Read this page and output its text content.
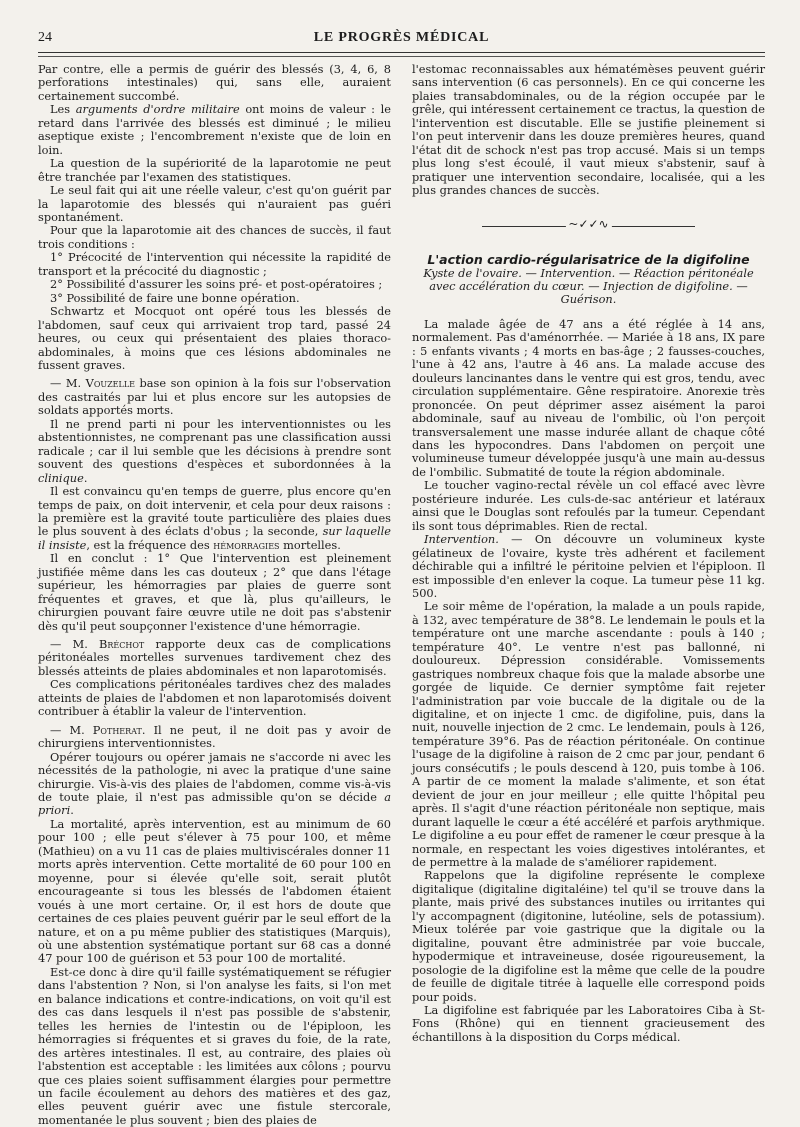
24	LE PROGRÈS MÉDICAL

Par contre, elle a permis de guérir des blessés (3, 4, 6, 8 perforations intestinales) qui, sans elle, auraient certainement succombé.

Les arguments d'ordre militaire ont moins de valeur : le retard dans l'arrivée des blessés est diminué ; le milieu aseptique existe ; l'encombrement n'existe que de loin en loin.

La question de la supériorité de la laparotomie ne peut être tranchée par l'examen des statistiques.

Le seul fait qui ait une réelle valeur, c'est qu'on guérit par la laparotomie des blessés qui n'auraient pas guéri spontanément.

Pour que la laparotomie ait des chances de succès, il faut trois conditions :

1° Précocité de l'intervention qui nécessite la rapidité de transport et la précocité du diagnostic ;

2° Possibilité d'assurer les soins pré- et post-opératoires ;

3° Possibilité de faire une bonne opération.

Schwartz et Mocquot ont opéré tous les blessés de l'abdomen, sauf ceux qui arrivaient trop tard, passé 24 heures, ou ceux qui présentaient des plaies thoraco-abdominales, à moins que ces lésions abdominales ne fussent graves.

— M. Vouzelle base son opinion à la fois sur l'observation des castraités par lui et plus encore sur les autopsies de soldats apportés morts.

Il ne prend parti ni pour les interventionnistes ou les abstentionnistes, ne comprenant pas une classification aussi radicale ; car il lui semble que les décisions à prendre sont souvent des questions d'espèces et subordonnées à la clinique.

Il est convaincu qu'en temps de guerre, plus encore qu'en temps de paix, on doit intervenir, et cela pour deux raisons : la première est la gravité toute particulière des plaies dues le plus souvent à des éclats d'obus ; la seconde, sur laquelle il insiste, est la fréquence des hémorragies mortelles.

Il en conclut : 1° Que l'intervention est pleinement justifiée même dans les cas douteux ; 2° que dans l'étage supérieur, les hémorragies par plaies de guerre sont fréquentes et graves, et que là, plus qu'ailleurs, le chirurgien pouvant faire œuvre utile ne doit pas s'abstenir dès qu'il peut soupçonner l'existence d'une hémorragie.

— M. Bréchot rapporte deux cas de complications péritonéales mortelles survenues tardivement chez des blessés atteints de plaies abdominales et non laparotomisés.

Ces complications péritonéales tardives chez des malades atteints de plaies de l'abdomen et non laparotomisés doivent contribuer à établir la valeur de l'intervention.

— M. Potherat. Il ne peut, il ne doit pas y avoir de chirurgiens interventionnistes.

Opérer toujours ou opérer jamais ne s'accorde ni avec les nécessités de la pathologie, ni avec la pratique d'une saine chirurgie. Vis-à-vis des plaies de l'abdomen, comme vis-à-vis de toute plaie, il n'est pas admissible qu'on se décide a priori.

La mortalité, après intervention, est au minimum de 60 pour 100 ; elle peut s'élever à 75 pour 100, et même (Mathieu) on a vu 11 cas de plaies multiviscérales donner 11 morts après intervention. Cette mortalité de 60 pour 100 en moyenne, pour si élevée qu'elle soit, serait plutôt encourageante si tous les blessés de l'abdomen étaient voués à une mort certaine. Or, il est hors de doute que certaines de ces plaies peuvent guérir par le seul effort de la nature, et on a pu même publier des statistiques (Marquis), où une abstention systématique portant sur 68 cas a donné 47 pour 100 de guérison et 53 pour 100 de mortalité.

Est-ce donc à dire qu'il faille systématiquement se réfugier dans l'abstention ? Non, si l'on analyse les faits, si l'on met en balance indications et contre-indications, on voit qu'il est des cas dans lesquels il n'est pas possible de s'abstenir, telles les hernies de l'intestin ou de l'épiploon, les hémorragies si fréquentes et si graves du foie, de la rate, des artères intestinales. Il est, au contraire, des plaies où l'abstention est acceptable : les limitées aux côlons ; pourvu que ces plaies soient suffisamment élargies pour permettre un facile écoulement au dehors des matières et des gaz, elles peuvent guérir avec une fistule stercorale, momentanée le plus souvent ; bien des plaies de

l'estomac reconnaissables aux hématémèses peuvent guérir sans intervention (6 cas personnels). En ce qui concerne les plaies transabdominales, ou de la région occupée par le grêle, qui intéressent certainement ce tractus, la question de l'intervention est discutable. Elle se justifie pleinement si l'on peut intervenir dans les douze premières heures, quand l'état dit de schock n'est pas trop accusé. Mais si un temps plus long s'est écoulé, il vaut mieux s'abstenir, sauf à pratiquer une intervention secondaire, localisée, qui a les plus grandes chances de succès.

~✓✓∿

L'action cardio-régularisatrice de la digifoline

Kyste de l'ovaire. — Intervention. — Réaction péritonéale avec accélération du cœur. — Injection de digifoline. — Guérison.

La malade âgée de 47 ans a été réglée à 14 ans, normalement. Pas d'aménorrhée. — Mariée à 18 ans, IX pare : 5 enfants vivants ; 4 morts en bas-âge ; 2 fausses-couches, l'une à 42 ans, l'autre à 46 ans. La malade accuse des douleurs lancinantes dans le ventre qui est gros, tendu, avec circulation supplémentaire. Gêne respiratoire. Anorexie très prononcée. On peut déprimer assez aisément la paroi abdominale, sauf au niveau de l'ombilic, où l'on perçoit transversalement une masse indurée allant de chaque côté dans les hypocondres. Dans l'abdomen on perçoit une volumineuse tumeur développée jusqu'à une main au-dessus de l'ombilic. Submatité de toute la région abdominale.

Le toucher vagino-rectal révèle un col effacé avec lèvre postérieure indurée. Les culs-de-sac antérieur et latéraux ainsi que le Douglas sont refoulés par la tumeur. Cependant ils sont tous déprimables. Rien de rectal.

Intervention. — On découvre un volumineux kyste gélatineux de l'ovaire, kyste très adhérent et facilement déchirable qui a infiltré le péritoine pelvien et l'épiploon. Il est impossible d'en enlever la coque. La tumeur pèse 11 kg. 500.

Le soir même de l'opération, la malade a un pouls rapide, à 132, avec température de 38°8. Le lendemain le pouls et la température ont une marche ascendante : pouls à 140 ; température 40°. Le ventre n'est pas ballonné, ni douloureux. Dépression considérable. Vomissements gastriques nombreux chaque fois que la malade absorbe une gorgée de liquide. Ce dernier symptôme fait rejeter l'administration par voie buccale de la digitale ou de la digitaline, et on injecte 1 cmc. de digifoline, puis, dans la nuit, nouvelle injection de 2 cmc. Le lendemain, pouls à 126, température 39°6. Pas de réaction péritonéale. On continue l'usage de la digifoline à raison de 2 cmc par jour, pendant 6 jours consécutifs ; le pouls descend à 120, puis tombe à 106. A partir de ce moment la malade s'alimente, et son état devient de jour en jour meilleur ; elle quitte l'hôpital peu après. Il s'agit d'une réaction péritonéale non septique, mais durant laquelle le cœur a été accéléré et parfois arythmique. Le digifoline a eu pour effet de ramener le cœur presque à la normale, en respectant les voies digestives intolérantes, et de permettre à la malade de s'améliorer rapidement.

Rappelons que la digifoline représente le complexe digitalique (digitaline digitaléine) tel qu'il se trouve dans la plante, mais privé des substances inutiles ou irritantes qui l'y accompagnent (digitonine, lutéoline, sels de potassium). Mieux tolérée par voie gastrique que la digitale ou la digitaline, pouvant être administrée par voie buccale, hypodermique et intraveineuse, dosée rigoureusement, la posologie de la digifoline est la même que celle de la poudre de feuille de digitale titrée à laquelle elle correspond poids pour poids.

La digifoline est fabriquée par les Laboratoires Ciba à St-Fons (Rhône) qui en tiennent gracieusement des échantillons à la disposition du Corps médical.
